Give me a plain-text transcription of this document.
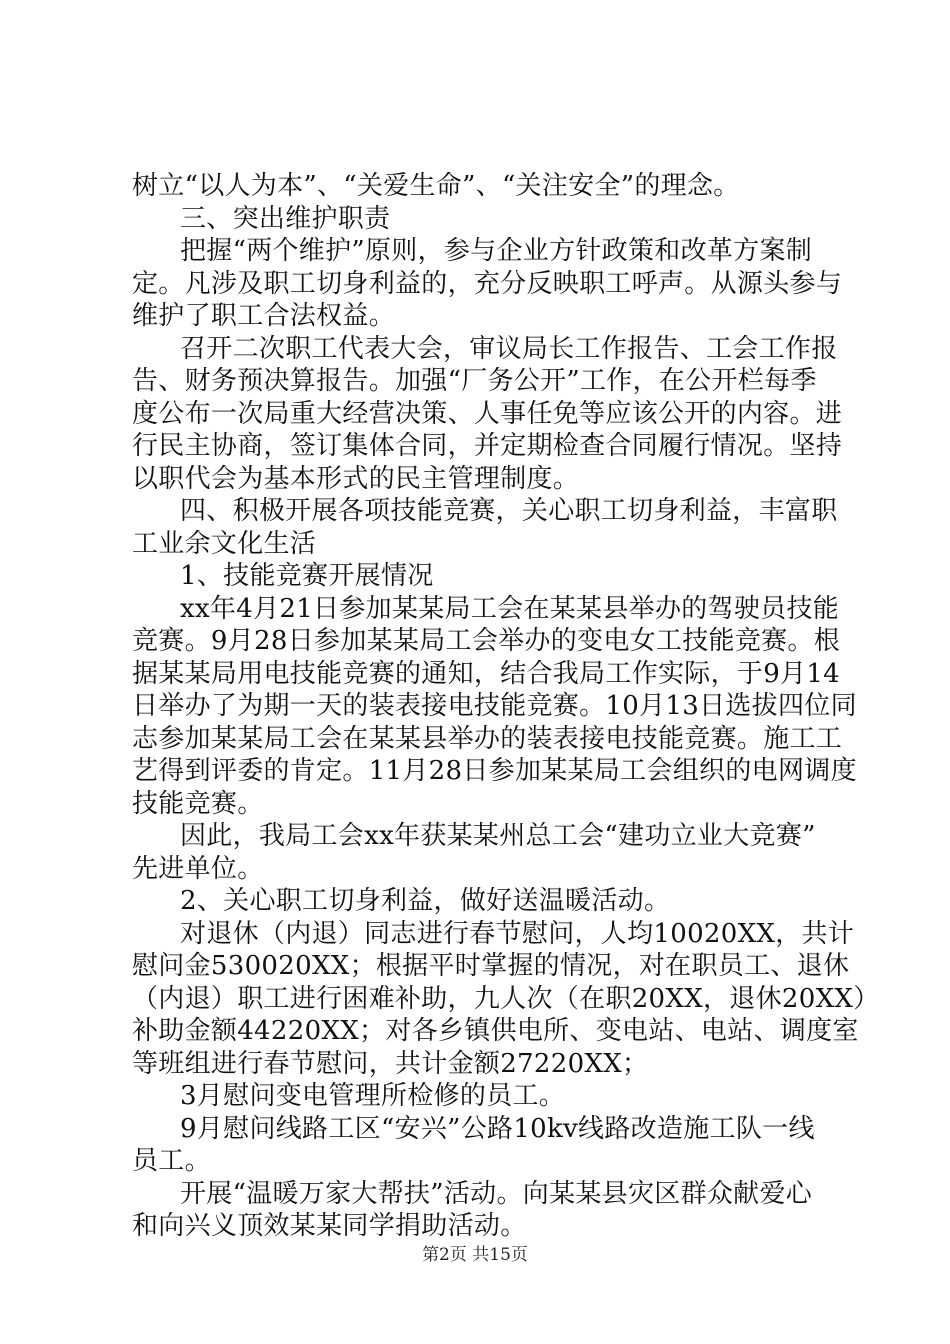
树立“以人为本”、“关爱生命”、“关注安全”的理念。
三、突出维护职责
把握“两个维护”原则，参与企业方针政策和改革方案制
定。凡涉及职工切身利益的，充分反映职工呼声。从源头参与
维护了职工合法权益。
召开二次职工代表大会，审议局长工作报告、工会工作报
告、财务预决算报告。加强“厂务公开”工作，在公开栏每季
度公布一次局重大经营决策、人事任免等应该公开的内容。进
行民主协商，签订集体合同，并定期检查合同履行情况。坚持
以职代会为基本形式的民主管理制度。
四、积极开展各项技能竞赛，关心职工切身利益，丰富职
工业余文化生活
1、技能竞赛开展情况
xx年4月21日参加某某局工会在某某县举办的驾驶员技能
竞赛。9月28日参加某某局工会举办的变电女工技能竞赛。根
据某某局用电技能竞赛的通知，结合我局工作实际，于9月14
日举办了为期一天的装表接电技能竞赛。10月13日选拔四位同
志参加某某局工会在某某县举办的装表接电技能竞赛。施工工
艺得到评委的肯定。11月28日参加某某局工会组织的电网调度
技能竞赛。
因此，我局工会xx年获某某州总工会“建功立业大竞赛”
先进单位。
2、关心职工切身利益，做好送温暖活动。
对退休（内退）同志进行春节慰问，人均10020XX，共计
慰问金530020XX；根据平时掌握的情况，对在职员工、退休
（内退）职工进行困难补助，九人次（在职20XX，退休20XX）
补助金额44220XX；对各乡镇供电所、变电站、电站、调度室
等班组进行春节慰问，共计金额27220XX；
3月慰问变电管理所检修的员工。
9月慰问线路工区“安兴”公路10kv线路改造施工队一线
员工。
开展“温暖万家大帮扶”活动。向某某县灾区群众献爱心
和向兴义顶效某某同学捐助活动。
第2页 共15页
